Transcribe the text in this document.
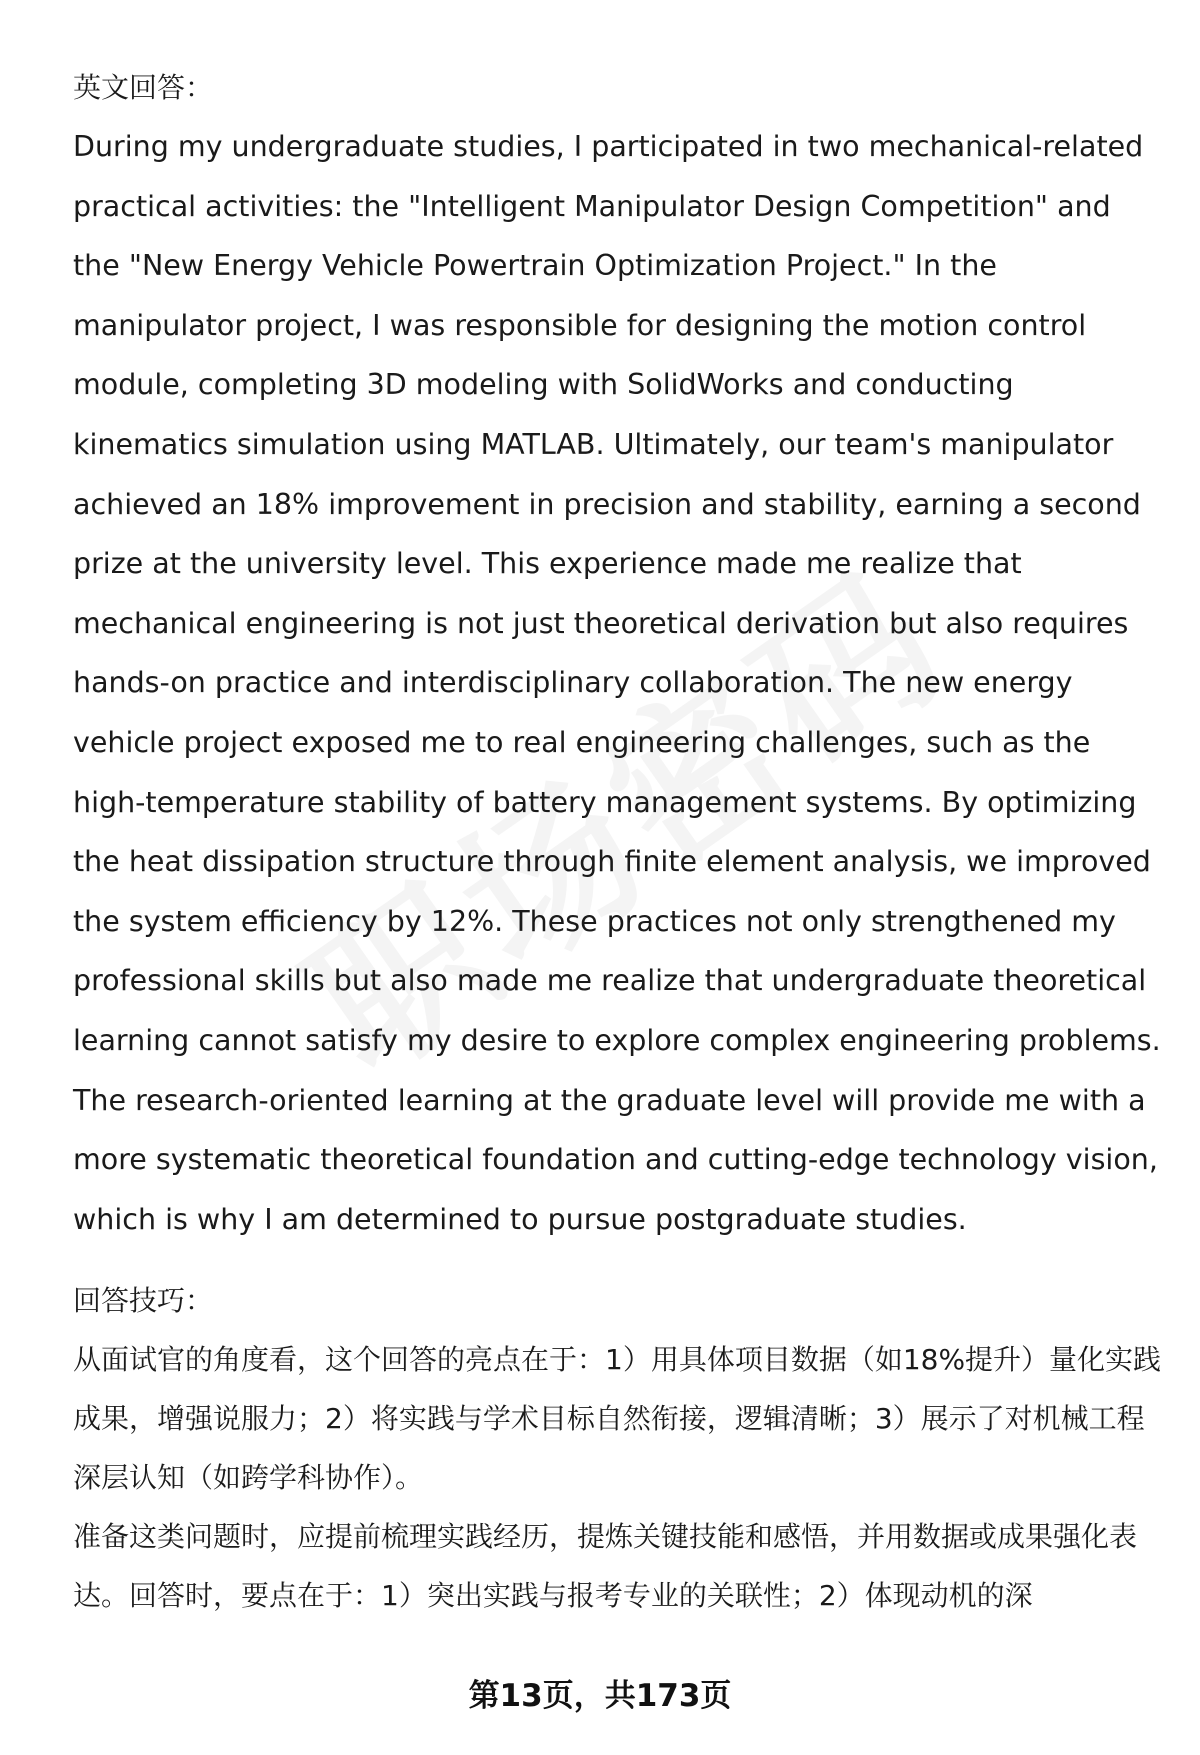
英文回答：

During my undergraduate studies, I participated in two mechanical-related practical activities: the "Intelligent Manipulator Design Competition" and the "New Energy Vehicle Powertrain Optimization Project." In the manipulator project, I was responsible for designing the motion control module, completing 3D modeling with SolidWorks and conducting kinematics simulation using MATLAB. Ultimately, our team's manipulator achieved an 18% improvement in precision and stability, earning a second prize at the university level. This experience made me realize that mechanical engineering is not just theoretical derivation but also requires hands-on practice and interdisciplinary collaboration. The new energy vehicle project exposed me to real engineering challenges, such as the high-temperature stability of battery management systems. By optimizing the heat dissipation structure through finite element analysis, we improved the system efficiency by 12%. These practices not only strengthened my professional skills but also made me realize that undergraduate theoretical learning cannot satisfy my desire to explore complex engineering problems. The research-oriented learning at the graduate level will provide me with a more systematic theoretical foundation and cutting-edge technology vision, which is why I am determined to pursue postgraduate studies.

回答技巧：

从面试官的角度看，这个回答的亮点在于：1）用具体项目数据（如18%提升）量化实践成果，增强说服力；2）将实践与学术目标自然衔接，逻辑清晰；3）展示了对机械工程深层认知（如跨学科协作）。

准备这类问题时，应提前梳理实践经历，提炼关键技能和感悟，并用数据或成果强化表达。回答时，要点在于：1）突出实践与报考专业的关联性；2）体现动机的深

第13页，共173页
